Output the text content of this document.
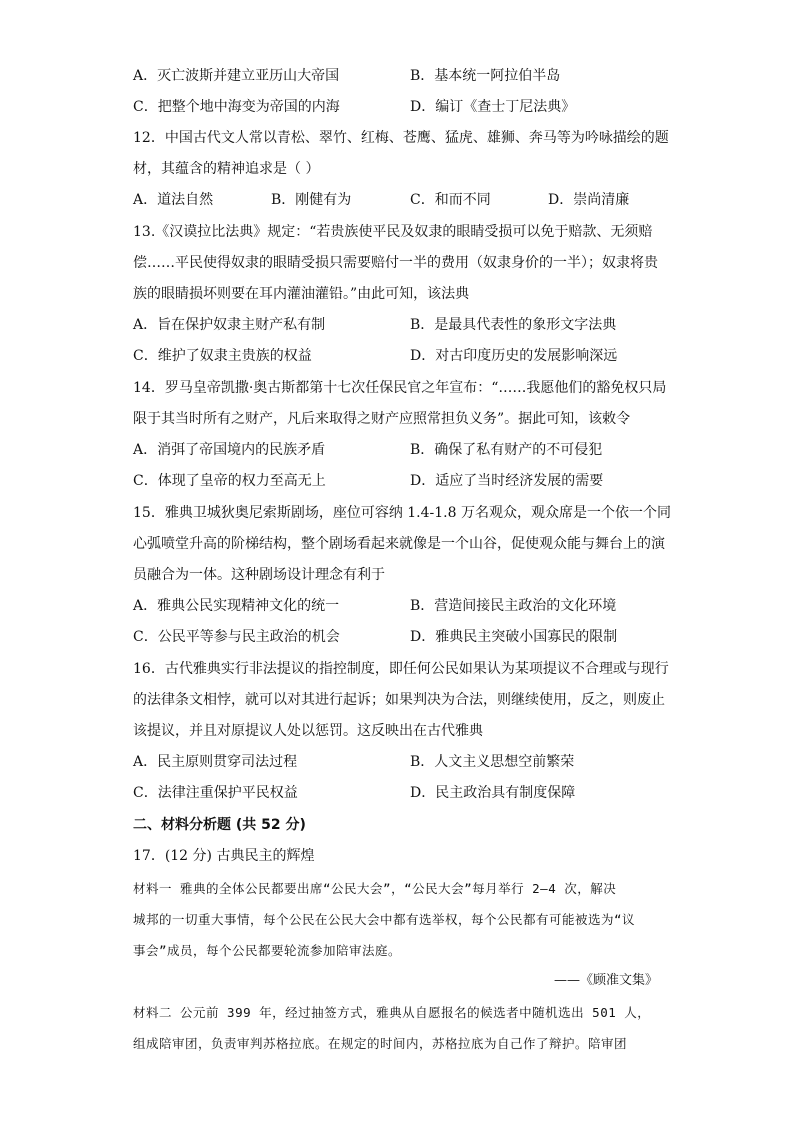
A．灭亡波斯并建立亚历山大帝国	B．基本统一阿拉伯半岛
C．把整个地中海变为帝国的内海	D．编订《查士丁尼法典》
12．中国古代文人常以青松、翠竹、红梅、苍鹰、猛虎、雄狮、奔马等为吟咏描绘的题
材，其蕴含的精神追求是（ ）
A．道法自然	B．刚健有为	C．和而不同	D．崇尚清廉
13.《汉谟拉比法典》规定：“若贵族使平民及奴隶的眼睛受损可以免于赔款、无须赔
偿……平民使得奴隶的眼睛受损只需要赔付一半的费用（奴隶身价的一半）；奴隶将贵
族的眼睛损坏则要在耳内灌油灌铅。”由此可知，该法典
A．旨在保护奴隶主财产私有制	B．是最具代表性的象形文字法典
C．维护了奴隶主贵族的权益	D．对古印度历史的发展影响深远
14．罗马皇帝凯撒·奥古斯都第十七次任保民官之年宣布：“……我愿他们的豁免权只局
限于其当时所有之财产，凡后来取得之财产应照常担负义务”。据此可知，该敕令
A．消弭了帝国境内的民族矛盾	B．确保了私有财产的不可侵犯
C．体现了皇帝的权力至高无上	D．适应了当时经济发展的需要
15．雅典卫城狄奥尼索斯剧场，座位可容纳 1.4-1.8 万名观众，观众席是一个依一个同
心弧喷堂升高的阶梯结构，整个剧场看起来就像是一个山谷，促使观众能与舞台上的演
员融合为一体。这种剧场设计理念有利于
A．雅典公民实现精神文化的统一	B．营造间接民主政治的文化环境
C．公民平等参与民主政治的机会	D．雅典民主突破小国寡民的限制
16．古代雅典实行非法提议的指控制度，即任何公民如果认为某项提议不合理或与现行
的法律条文相悖，就可以对其进行起诉；如果判决为合法，则继续使用，反之，则废止
该提议，并且对原提议人处以惩罚。这反映出在古代雅典
A．民主原则贯穿司法过程	B．人文主义思想空前繁荣
C．法律注重保护平民权益	D．民主政治具有制度保障
二、材料分析题 (共 52 分)
17．(12 分) 古典民主的辉煌
材料一 雅典的全体公民都要出席“公民大会”，“公民大会”每月举行 2—4 次，解决
城邦的一切重大事情，每个公民在公民大会中都有选举权，每个公民都有可能被选为“议
事会”成员，每个公民都要轮流参加陪审法庭。
——《顾准文集》
材料二 公元前 399 年，经过抽签方式，雅典从自愿报名的候选者中随机选出 501 人，
组成陪审团，负责审判苏格拉底。在规定的时间内，苏格拉底为自己作了辩护。陪审团
